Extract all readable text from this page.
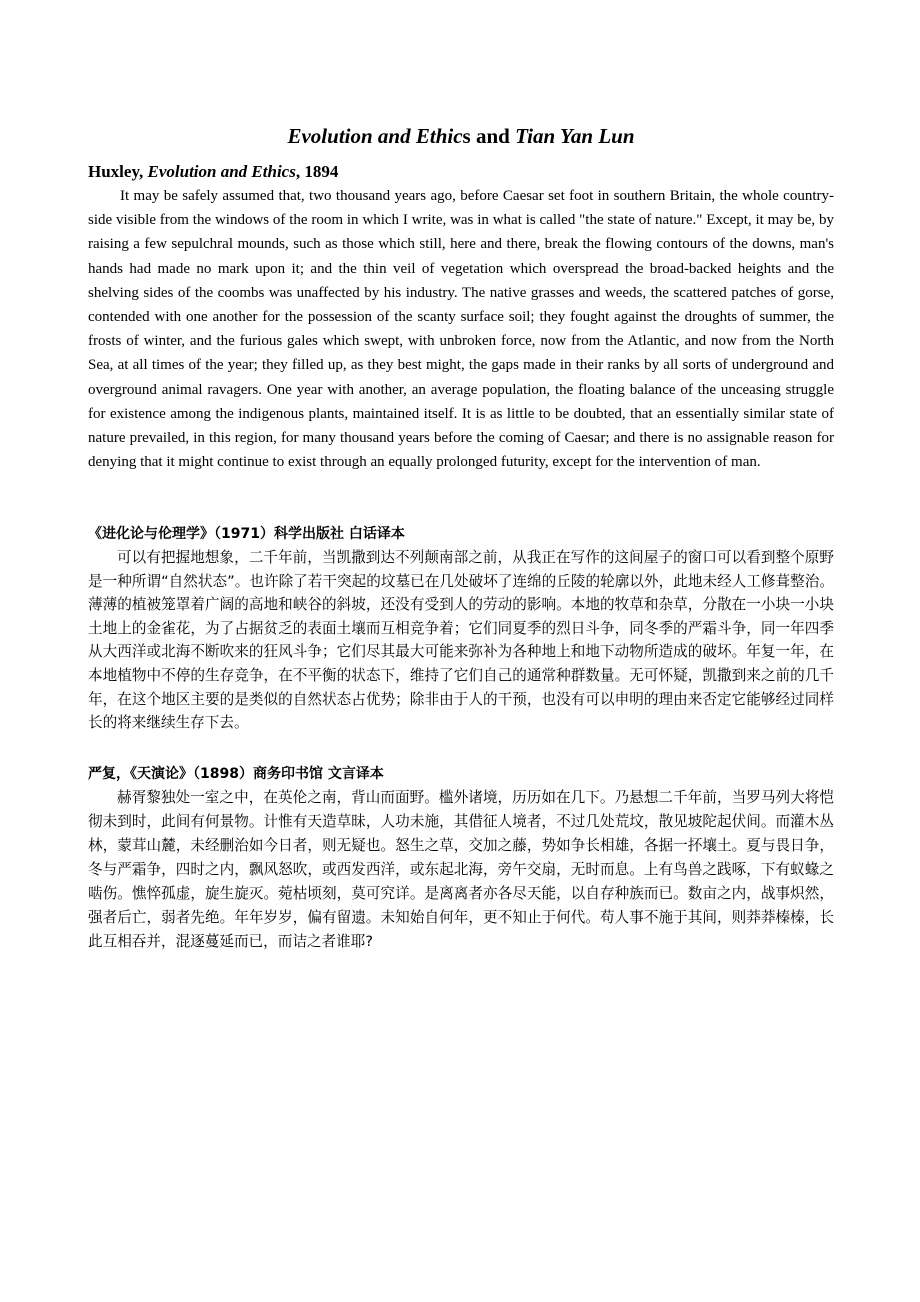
Evolution and Ethics and Tian Yan Lun
Huxley, Evolution and Ethics, 1894

It may be safely assumed that, two thousand years ago, before Caesar set foot in southern Britain, the whole country-side visible from the windows of the room in which I write, was in what is called "the state of nature." Except, it may be, by raising a few sepulchral mounds, such as those which still, here and there, break the flowing contours of the downs, man's hands had made no mark upon it; and the thin veil of vegetation which overspread the broad-backed heights and the shelving sides of the coombs was unaffected by his industry. The native grasses and weeds, the scattered patches of gorse, contended with one another for the possession of the scanty surface soil; they fought against the droughts of summer, the frosts of winter, and the furious gales which swept, with unbroken force, now from the Atlantic, and now from the North Sea, at all times of the year; they filled up, as they best might, the gaps made in their ranks by all sorts of underground and overground animal ravagers. One year with another, an average population, the floating balance of the unceasing struggle for existence among the indigenous plants, maintained itself. It is as little to be doubted, that an essentially similar state of nature prevailed, in this region, for many thousand years before the coming of Caesar; and there is no assignable reason for denying that it might continue to exist through an equally prolonged futurity, except for the intervention of man.

《进化论与伦理学》（1971）科学出版社 白话译本

可以有把握地想象，二千年前，当凯撒到达不列颠南部之前，从我正在写作的这间屋子的窗口可以看到整个原野是一种所谓“自然状态”。也许除了若干突起的坟墓已在几处破坏了连绵的丘陵的轮廓以外，此地未经人工修葺整治。薄薄的植被笼罩着广阔的高地和峡谷的斜坡，还没有受到人的劳动的影响。本地的牧草和杂草，分散在一小块一小块土地上的金雀花，为了占据贫乏的表面土壤而互相竞争着；它们同夏季的烈日斗争，同冬季的严霜斗争，同一年四季从大西洋或北海不断吹来的狂风斗争；它们尽其最大可能来弥补为各种地上和地下动物所造成的破坏。年复一年，在本地植物中不停的生存竞争，在不平衡的状态下，维持了它们自己的通常种群数量。无可怀疑，凯撒到来之前的几千年，在这个地区主要的是类似的自然状态占优势；除非由于人的干预，也没有可以申明的理由来否定它能够经过同样长的将来继续生存下去。

严复，《天演论》（1898）商务印书馆 文言译本

赫胥黎独处一室之中，在英伦之南，背山而面野。槛外诸境，历历如在几下。乃悬想二千年前，当罗马列大将恺彻未到时，此间有何景物。计惟有天造草昧，人功未施，其借征人境者，不过几处荒坟，散见坡陀起伏间。而灌木丛林，蒙茸山麓，未经删治如今日者，则无疑也。怒生之草，交加之藤，势如争长相雄，各据一抔壤土。夏与畏日争，冬与严霜争，四时之内，飘风怒吹，或西发西洋，或东起北海，旁午交扇，无时而息。上有鸟兽之践啄，下有蚁蝝之啮伤。憔悴孤虚，旋生旋灭。菀枯顷刻，莫可究详。是离离者亦各尽天能，以自存种族而已。数亩之内，战事炽然，强者后亡，弱者先绝。年年岁岁，偏有留遗。未知始自何年，更不知止于何代。苟人事不施于其间，则莽莽榛榛，长此互相吞并，混逐蔓延而已，而诘之者谁耶?
